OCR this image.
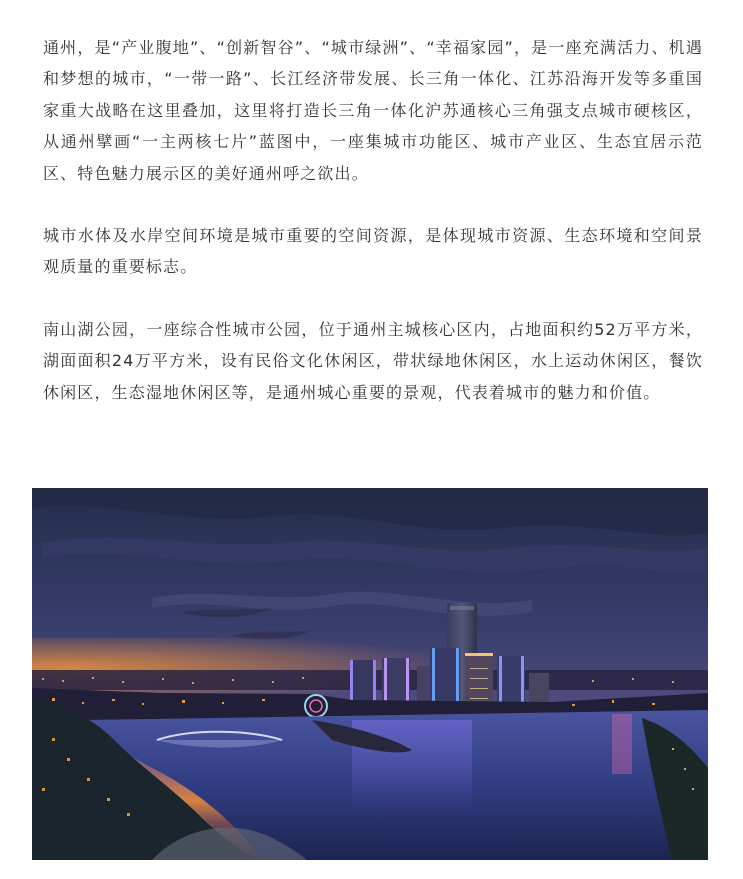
通州，是“产业腹地”、“创新智谷”、“城市绿洲”、“幸福家园”，是一座充满活力、机遇和梦想的城市，“一带一路”、长江经济带发展、长三角一体化、江苏沿海开发等多重国家重大战略在这里叠加，这里将打造长三角一体化沪苏通核心三角强支点城市硬核区，从通州擘画“一主两核七片”蓝图中，一座集城市功能区、城市产业区、生态宜居示范区、特色魅力展示区的美好通州呼之欲出。

城市水体及水岸空间环境是城市重要的空间资源，是体现城市资源、生态环境和空间景观质量的重要标志。

南山湖公园，一座综合性城市公园，位于通州主城核心区内，占地面积约52万平方米，湖面面积24万平方米，设有民俗文化休闲区，带状绿地休闲区，水上运动休闲区，餐饮休闲区，生态湿地休闲区等，是通州城心重要的景观，代表着城市的魅力和价值。
